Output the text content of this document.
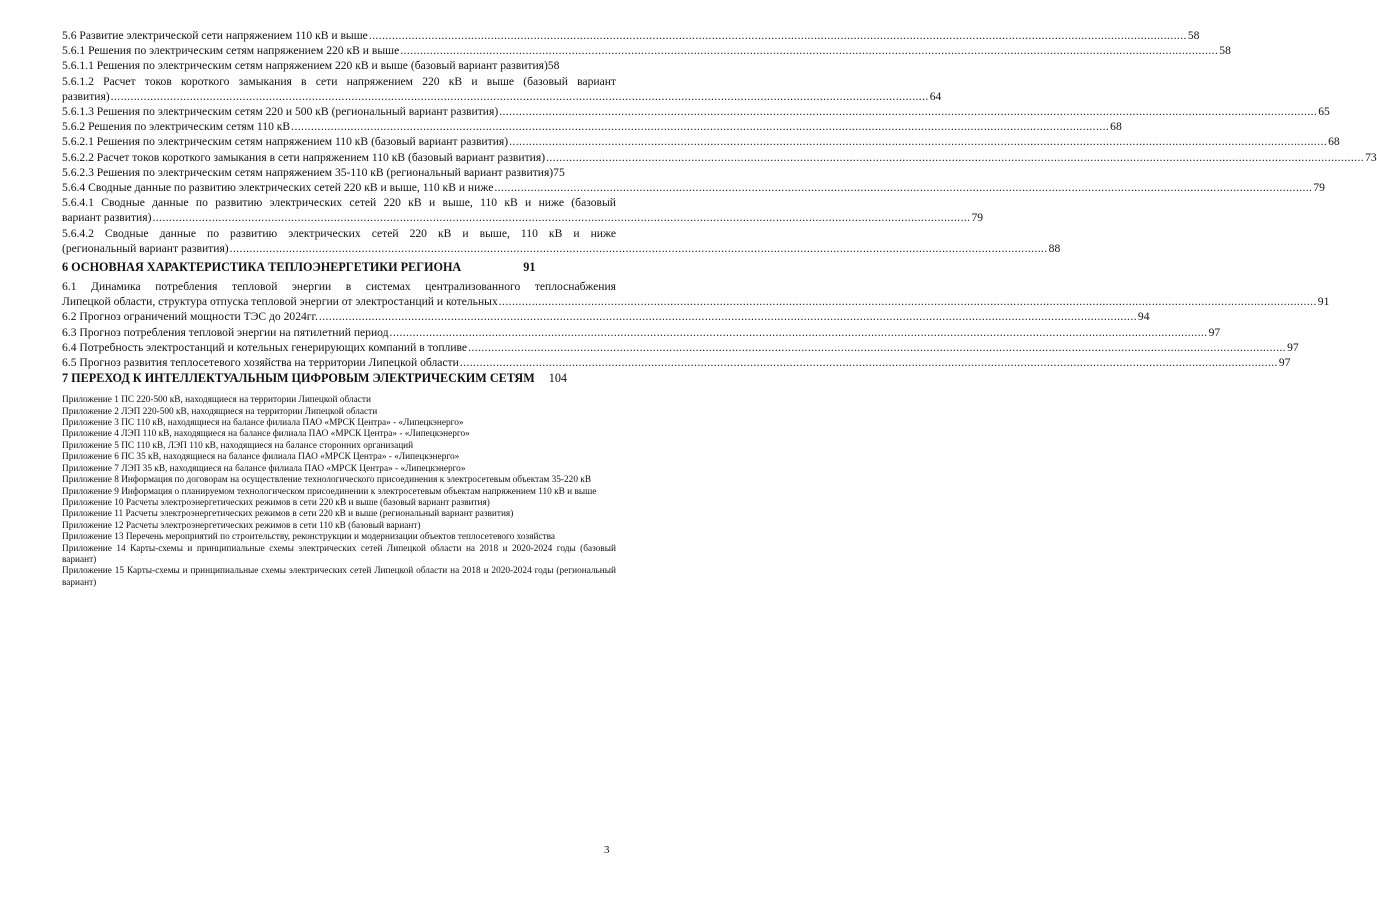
5.6 Развитие электрической сети напряжением 110 кВ и выше .....	58
5.6.1 Решения по электрическим сетям напряжением 220 кВ и выше .....	58
5.6.1.1 Решения по электрическим сетям напряжением 220 кВ и выше (базовый вариант развития) 58
5.6.1.2 Расчет токов короткого замыкания в сети напряжением 220 кВ и выше (базовый вариант
развития) .....	64
5.6.1.3 Решения по электрическим сетям 220 и 500 кВ (региональный вариант развития) .....	65
5.6.2 Решения по электрическим сетям 110 кВ .....	68
5.6.2.1 Решения по электрическим сетям напряжением 110 кВ (базовый вариант развития) .....	68
5.6.2.2 Расчет токов короткого замыкания в сети напряжением 110 кВ (базовый вариант развития) .....	73
5.6.2.3 Решения по электрическим сетям напряжением 35-110 кВ (региональный вариант развития) 75
5.6.4 Сводные данные по развитию электрических сетей 220 кВ и выше, 110 кВ и ниже .....	79
5.6.4.1 Сводные данные по развитию электрических сетей 220 кВ и выше, 110 кВ и ниже (базовый
вариант развития) .....	79
5.6.4.2 Сводные данные по развитию электрических сетей 220 кВ и выше, 110 кВ и ниже
(региональный вариант развития) .....	88
6 ОСНОВНАЯ ХАРАКТЕРИСТИКА ТЕПЛОЭНЕРГЕТИКИ РЕГИОНА	91
6.1 Динамика потребления тепловой энергии в системах централизованного теплоснабжения
Липецкой области, структура отпуска тепловой энергии от электростанций и котельных .....	91
6.2 Прогноз ограничений мощности ТЭС до 2024гг. .....	94
6.3 Прогноз потребления тепловой энергии на пятилетний период .....	97
6.4 Потребность электростанций и котельных генерирующих компаний в топливе .....	97
6.5 Прогноз развития теплосетевого хозяйства на территории Липецкой области .....	97
7 ПЕРЕХОД К ИНТЕЛЛЕКТУАЛЬНЫМ ЦИФРОВЫМ ЭЛЕКТРИЧЕСКИМ СЕТЯМ 104

Приложение 1 ПС 220-500 кВ, находящиеся на территории Липецкой области

Приложение 2 ЛЭП 220-500 кВ, находящиеся на территории Липецкой области

Приложение 3 ПС 110 кВ, находящиеся на балансе филиала ПАО «МРСК Центра» - «Липецкэнерго»

Приложение 4 ЛЭП 110 кВ, находящиеся на балансе филиала ПАО «МРСК Центра» - «Липецкэнерго»

Приложение 5 ПС 110 кВ, ЛЭП 110 кВ, находящиеся на балансе сторонних организаций

Приложение 6 ПС 35 кВ, находящиеся на балансе филиала ПАО «МРСК Центра» - «Липецкэнерго»

Приложение 7 ЛЭП 35 кВ, находящиеся на балансе филиала ПАО «МРСК Центра» - «Липецкэнерго»

Приложение 8 Информация по договорам на осуществление технологического присоединения к электросетевым объектам 35-220 кВ

Приложение 9 Информация о планируемом технологическом присоединении к электросетевым объектам напряжением 110 кВ и выше

Приложение 10 Расчеты электроэнергетических режимов в сети 220 кВ и выше (базовый вариант развития)

Приложение 11 Расчеты электроэнергетических режимов в сети 220 кВ и выше (региональный вариант развития)

Приложение 12 Расчеты электроэнергетических режимов в сети 110 кВ (базовый вариант)

Приложение 13 Перечень мероприятий по строительству, реконструкции и модернизации объектов теплосетевого хозяйства

Приложение 14 Карты-схемы и принципиальные схемы электрических сетей Липецкой области на 2018 и 2020-2024 годы (базовый вариант)

Приложение 15 Карты-схемы и принципиальные схемы электрических сетей Липецкой области на 2018 и 2020-2024 годы (региональный вариант)

3
